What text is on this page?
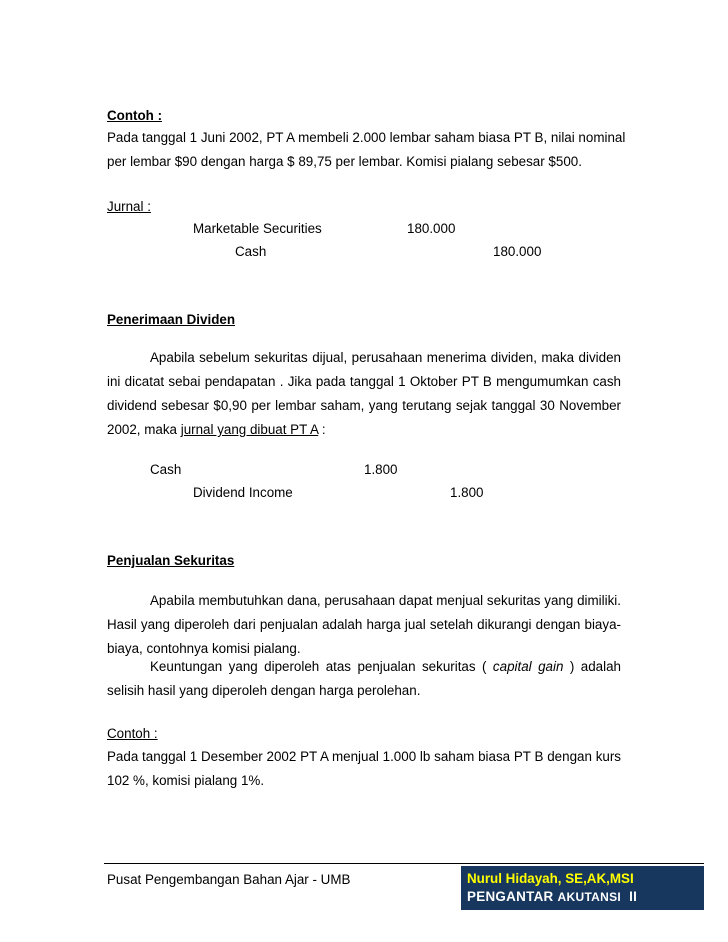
Contoh :
Pada tanggal 1 Juni 2002, PT A membeli 2.000 lembar saham biasa PT B, nilai nominal
per lembar $90 dengan harga $ 89,75 per lembar. Komisi pialang sebesar $500.
Jurnal :
Marketable Securities	180.000
Cash	180.000
Penerimaan Dividen
Apabila sebelum sekuritas dijual, perusahaan menerima dividen, maka dividen ini dicatat sebai pendapatan . Jika pada tanggal 1 Oktober PT B mengumumkan cash dividend sebesar $0,90 per lembar saham, yang terutang sejak tanggal 30 November 2002, maka jurnal yang dibuat PT A :
Cash	1.800
Dividend Income	1.800
Penjualan Sekuritas
Apabila membutuhkan dana, perusahaan dapat menjual sekuritas yang dimiliki. Hasil yang diperoleh dari penjualan adalah harga jual setelah dikurangi dengan biaya-biaya, contohnya komisi pialang.
Keuntungan yang diperoleh atas penjualan sekuritas ( capital gain ) adalah selisih hasil yang diperoleh dengan harga perolehan.
Contoh :
Pada tanggal 1 Desember 2002 PT A menjual 1.000 lb saham biasa PT B dengan kurs 102 %, komisi pialang 1%.
Pusat Pengembangan Bahan Ajar - UMB	Nurul Hidayah, SE,AK,MSI
PENGANTAR AKUTANSI  II
